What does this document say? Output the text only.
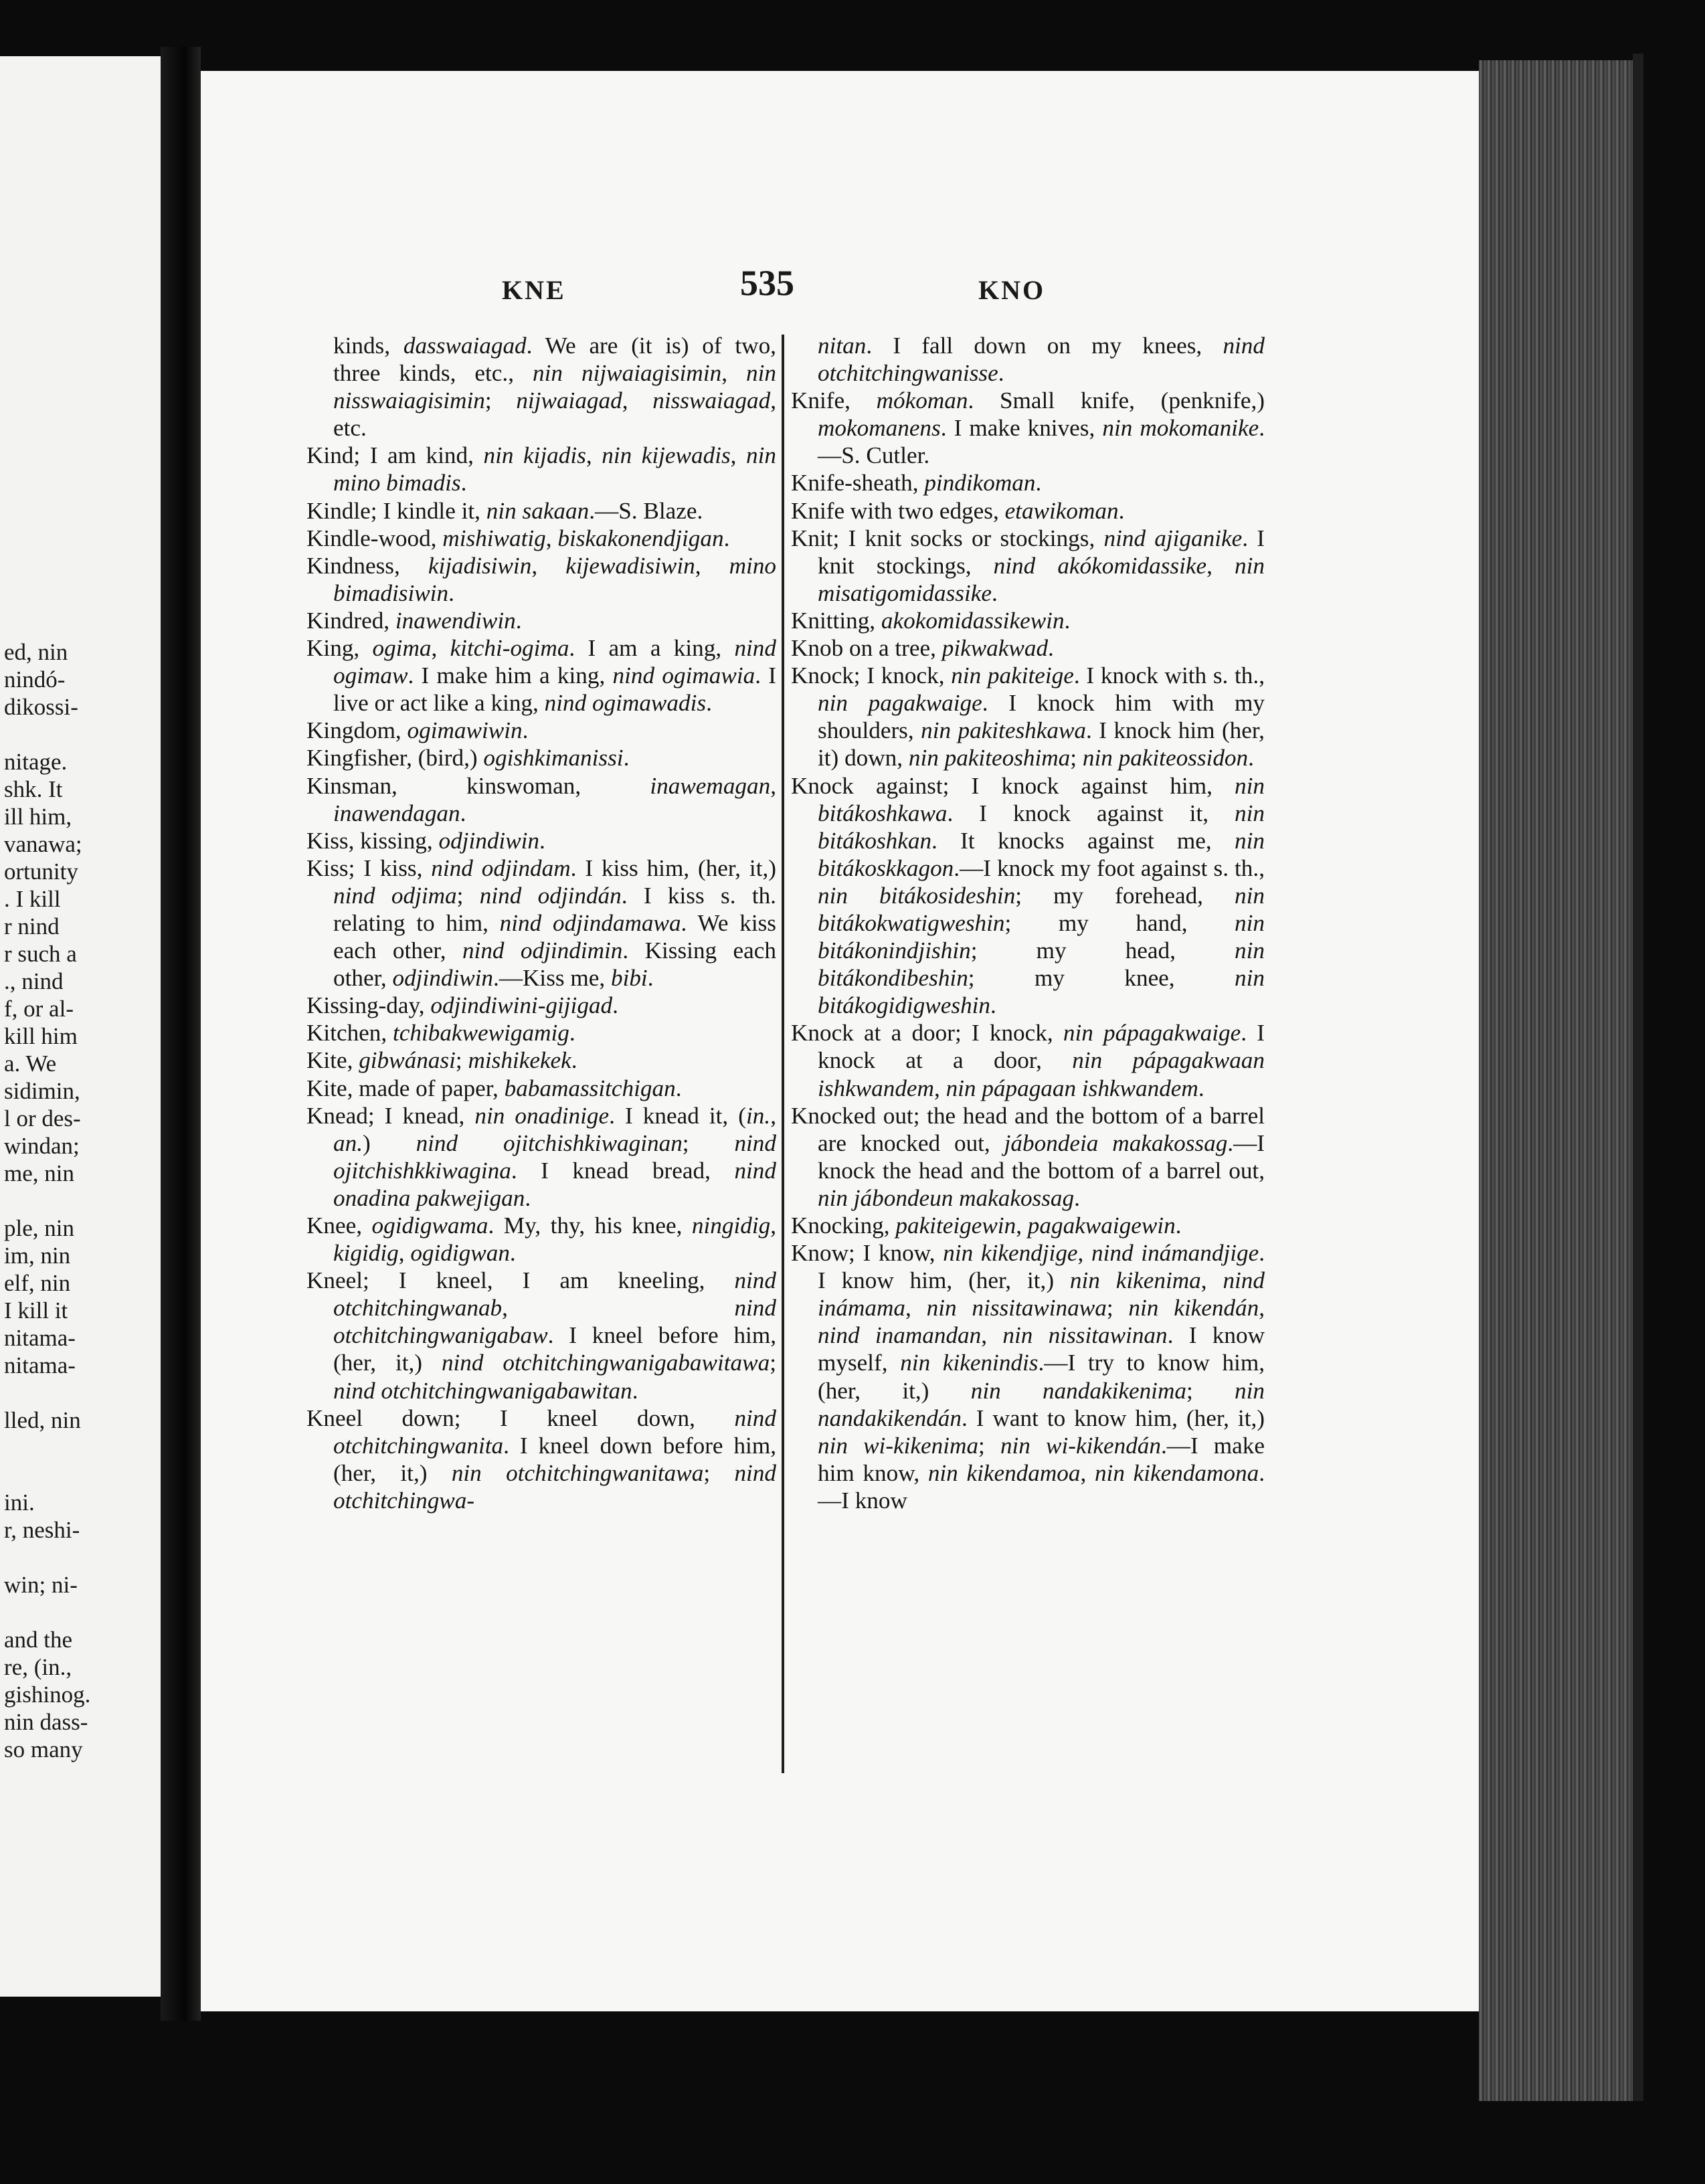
ed, nin
nindó-
dikossi-

nitage.
shk. It
ill him,
vanawa;
ortunity
. I kill
r nind
r such a
., nind
f, or al-
kill him
a. We
sidimin,
l or des-
windan;
me, nin

ple, nin
im, nin
elf, nin
I kill it
nitama-
nitama-

lled, nin

ini.
r, neshi-

win; ni-

and the
re, (in.,
gishinog.
nin dass-
so many
KNE	535	KNO

kinds, dasswaiagad. We are (it is) of two, three kinds, etc., nin nijwaiagisimin, nin nisswaiagisimin; nijwaiagad, nisswaiagad, etc.

Kind; I am kind, nin kijadis, nin kijewadis, nin mino bimadis.

Kindle; I kindle it, nin sakaan.—S. Blaze.

Kindle-wood, mishiwatig, biskakonendjigan.

Kindness, kijadisiwin, kijewadisiwin, mino bimadisiwin.

Kindred, inawendiwin.

King, ogima, kitchi-ogima. I am a king, nind ogimaw. I make him a king, nind ogimawia. I live or act like a king, nind ogimawadis.

Kingdom, ogimawiwin.

Kingfisher, (bird,) ogishkimanissi.

Kinsman, kinswoman, inawemagan, inawendagan.

Kiss, kissing, odjindiwin.

Kiss; I kiss, nind odjindam. I kiss him, (her, it,) nind odjima; nind odjindán. I kiss s. th. relating to him, nind odjindamawa. We kiss each other, nind odjindimin. Kissing each other, odjindiwin.—Kiss me, bibi.

Kissing-day, odjindiwini-gijigad.

Kitchen, tchibakwewigamig.

Kite, gibwánasi; mishikekek.

Kite, made of paper, babamassitchigan.

Knead; I knead, nin onadinige. I knead it, (in., an.) nind ojitchishkiwaginan; nind ojitchishkkiwagina. I knead bread, nind onadina pakwejigan.

Knee, ogidigwama. My, thy, his knee, ningidig, kigidig, ogidigwan.

Kneel; I kneel, I am kneeling, nind otchitchingwanab, nind otchitchingwanigabaw. I kneel before him, (her, it,) nind otchitchingwanigabawitawa; nind otchitchingwanigabawitan.

Kneel down; I kneel down, nind otchitchingwanita. I kneel down before him, (her, it,) nin otchitchingwanitawa; nind otchitchingwa-

nitan. I fall down on my knees, nind otchitchingwanisse.

Knife, mókoman. Small knife, (penknife,) mokomanens. I make knives, nin mokomanike.—S. Cutler.

Knife-sheath, pindikoman.

Knife with two edges, etawikoman.

Knit; I knit socks or stockings, nind ajiganike. I knit stockings, nind akókomidassike, nin misatigomidassike.

Knitting, akokomidassikewin.

Knob on a tree, pikwakwad.

Knock; I knock, nin pakiteige. I knock with s. th., nin pagakwaige. I knock him with my shoulders, nin pakiteshkawa. I knock him (her, it) down, nin pakiteoshima; nin pakiteossidon.

Knock against; I knock against him, nin bitákoshkawa. I knock against it, nin bitákoshkan. It knocks against me, nin bitákoskkagon.—I knock my foot against s. th., nin bitákosideshin; my forehead, nin bitákokwatigweshin; my hand, nin bitákonindjishin; my head, nin bitákondibeshin; my knee, nin bitákogidigweshin.

Knock at a door; I knock, nin pápagakwaige. I knock at a door, nin pápagakwaan ishkwandem, nin pápagaan ishkwandem.

Knocked out; the head and the bottom of a barrel are knocked out, jábondeia makakossag.—I knock the head and the bottom of a barrel out, nin jábondeun makakossag.

Knocking, pakiteigewin, pagakwaigewin.

Know; I know, nin kikendjige, nind inámandjige. I know him, (her, it,) nin kikenima, nind inámama, nin nissitawinawa; nin kikendán, nind inamandan, nin nissitawinan. I know myself, nin kikenindis.—I try to know him, (her, it,) nin nandakikenima; nin nandakikendán. I want to know him, (her, it,) nin wi-kikenima; nin wi-kikendán.—I make him know, nin kikendamoa, nin kikendamona.—I know
